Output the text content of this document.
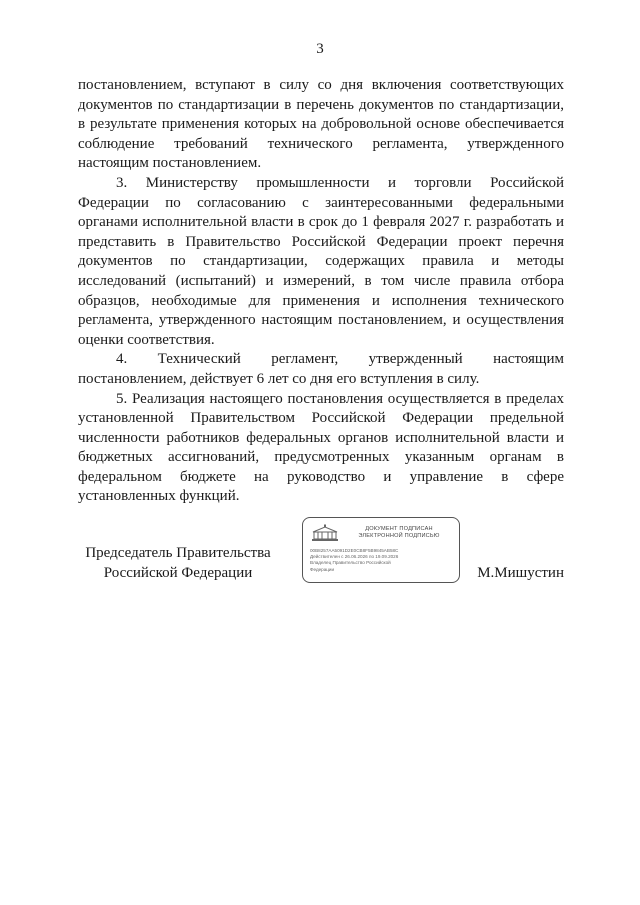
3

постановлением, вступают в силу со дня включения соответствующих документов по стандартизации в перечень документов по стандартизации, в результате применения которых на добровольной основе обеспечивается соблюдение требований технического регламента, утвержденного настоящим постановлением.

3. Министерству промышленности и торговли Российской Федерации по согласованию с заинтересованными федеральными органами исполнительной власти в срок до 1 февраля 2027 г. разработать и представить в Правительство Российской Федерации проект перечня документов по стандартизации, содержащих правила и методы исследований (испытаний) и измерений, в том числе правила отбора образцов, необходимые для применения и исполнения технического регламента, утвержденного настоящим постановлением, и осуществления оценки соответствия.

4. Технический регламент, утвержденный настоящим постановлением, действует 6 лет со дня его вступления в силу.

5. Реализация настоящего постановления осуществляется в пределах установленной Правительством Российской Федерации предельной численности работников федеральных органов исполнительной власти и бюджетных ассигнований, предусмотренных указанным органам в федеральном бюджете на руководство и управление в сфере установленных функций.

Председатель Правительства
Российской Федерации
ДОКУМЕНТ ПОДПИСАН
ЭЛЕКТРОННОЙ ПОДПИСЬЮ
00B8257AA5091D2E0CB8F5B9845AB58C
Действителен с 26.06.2026 по 19.09.2026
Владелец Правительство Российской
Федерации	М.Мишустин
